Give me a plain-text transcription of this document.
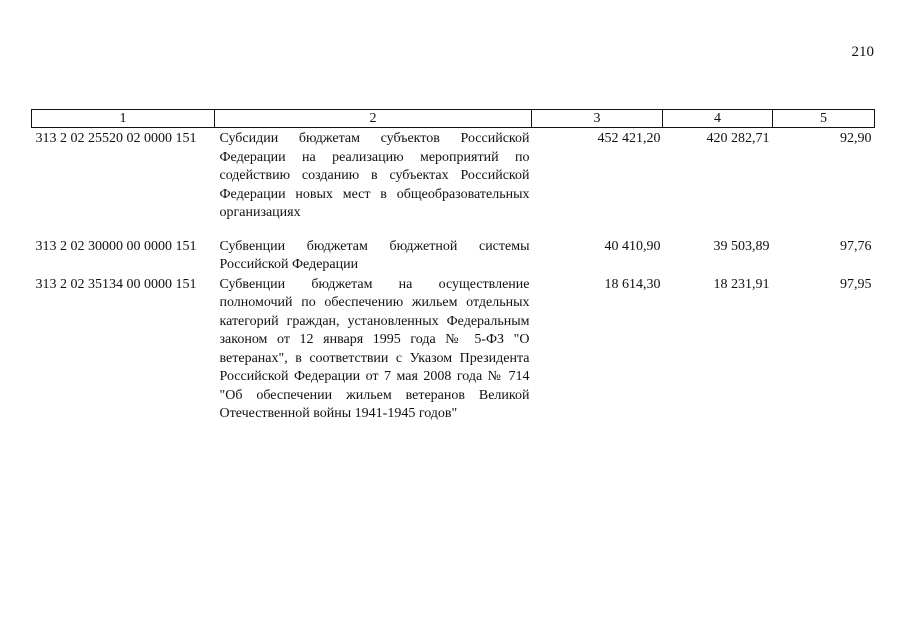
210
1	2	3	4	5
313 2 02 25520 02 0000 151	Субсидии бюджетам субъектов Российской Федерации на реализацию мероприятий по содействию созданию в субъектах Российской Федерации новых мест в общеобразовательных организациях	452 421,20	420 282,71	92,90
313 2 02 30000 00 0000 151	Субвенции бюджетам бюджетной системы Российской Федерации	40 410,90	39 503,89	97,76
313 2 02 35134 00 0000 151	Субвенции бюджетам на осуществление полномочий по обеспечению жильем отдельных категорий граждан, установленных Федеральным законом от 12 января 1995 года № 5-ФЗ "О ветеранах", в соответствии с Указом Президента Российской Федерации от 7 мая 2008 года № 714 "Об обеспечении жильем ветеранов Великой Отечественной войны 1941-1945 годов"	18 614,30	18 231,91	97,95
